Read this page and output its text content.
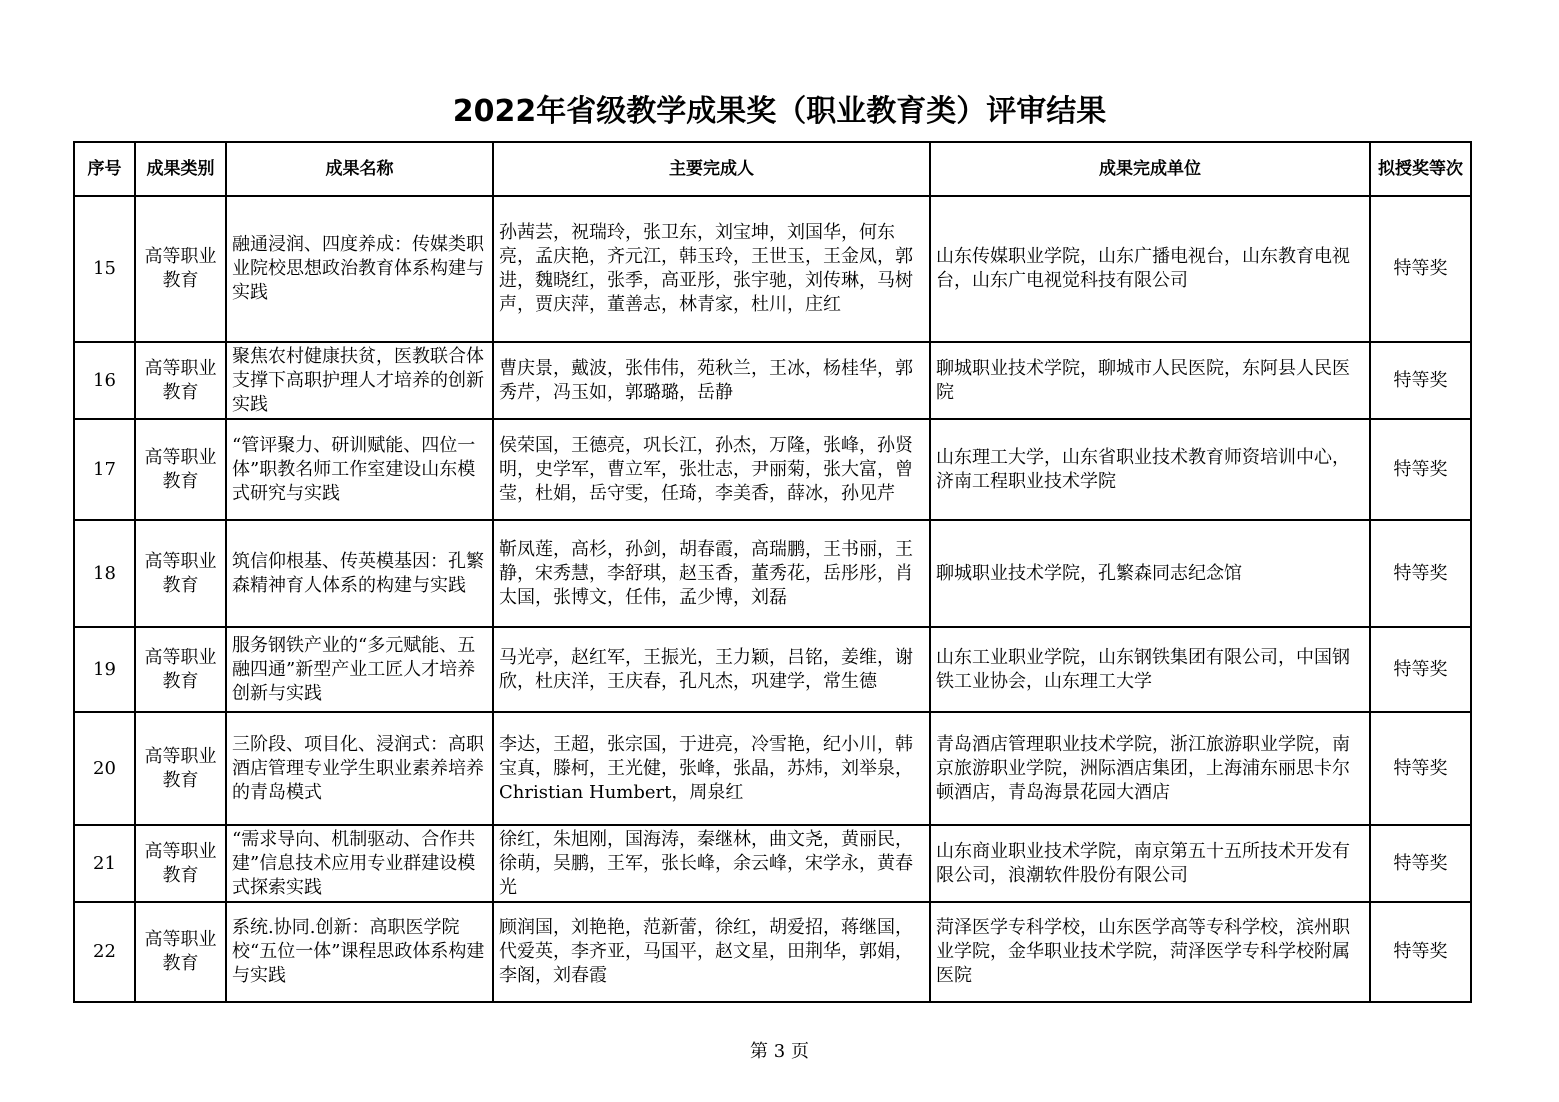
2022年省级教学成果奖（职业教育类）评审结果
序号	成果类别	成果名称	主要完成人	成果完成单位	拟授奖等次
15	高等职业教育	融通浸润、四度养成：传媒类职业院校思想政治教育体系构建与实践	孙茜芸，祝瑞玲，张卫东，刘宝坤，刘国华，何东亮，孟庆艳，齐元江，韩玉玲，王世玉，王金凤，郭进，魏晓红，张季，高亚彤，张宇驰，刘传琳，马树声，贾庆萍，董善志，林青家，杜川，庄红	山东传媒职业学院，山东广播电视台，山东教育电视台，山东广电视觉科技有限公司	特等奖
16	高等职业教育	聚焦农村健康扶贫，医教联合体支撑下高职护理人才培养的创新实践	曹庆景，戴波，张伟伟，苑秋兰，王冰，杨桂华，郭秀芹，冯玉如，郭璐璐，岳静	聊城职业技术学院，聊城市人民医院，东阿县人民医院	特等奖
17	高等职业教育	“管评聚力、研训赋能、四位一体”职教名师工作室建设山东模式研究与实践	侯荣国，王德亮，巩长江，孙杰，万隆，张峰，孙贤明，史学军，曹立军，张壮志，尹丽菊，张大富，曾莹，杜娟，岳守雯，任琦，李美香，薛冰，孙见芹	山东理工大学，山东省职业技术教育师资培训中心，济南工程职业技术学院	特等奖
18	高等职业教育	筑信仰根基、传英模基因：孔繁森精神育人体系的构建与实践	靳凤莲，高杉，孙剑，胡春霞，高瑞鹏，王书丽，王静，宋秀慧，李舒琪，赵玉香，董秀花，岳彤彤，肖太国，张博文，任伟，孟少博，刘磊	聊城职业技术学院，孔繁森同志纪念馆	特等奖
19	高等职业教育	服务钢铁产业的“多元赋能、五融四通”新型产业工匠人才培养创新与实践	马光亭，赵红军，王振光，王力颖，吕铭，姜维，谢欣，杜庆洋，王庆春，孔凡杰，巩建学，常生德	山东工业职业学院，山东钢铁集团有限公司，中国钢铁工业协会，山东理工大学	特等奖
20	高等职业教育	三阶段、项目化、浸润式：高职酒店管理专业学生职业素养培养的青岛模式	李达，王超，张宗国，于进亮，冷雪艳，纪小川，韩宝真，滕柯，王光健，张峰，张晶，苏炜，刘举泉，Christian Humbert，周泉红	青岛酒店管理职业技术学院，浙江旅游职业学院，南京旅游职业学院，洲际酒店集团，上海浦东丽思卡尔顿酒店，青岛海景花园大酒店	特等奖
21	高等职业教育	“需求导向、机制驱动、合作共建”信息技术应用专业群建设模式探索实践	徐红，朱旭刚，国海涛，秦继林，曲文尧，黄丽民，徐萌，吴鹏，王军，张长峰，余云峰，宋学永，黄春光	山东商业职业技术学院，南京第五十五所技术开发有限公司，浪潮软件股份有限公司	特等奖
22	高等职业教育	系统.协同.创新：高职医学院校“五位一体”课程思政体系构建与实践	顾润国，刘艳艳，范新蕾，徐红，胡爱招，蒋继国，代爱英，李齐亚，马国平，赵文星，田荆华，郭娟，李阁，刘春霞	菏泽医学专科学校，山东医学高等专科学校，滨州职业学院，金华职业技术学院，菏泽医学专科学校附属医院	特等奖
第 3 页
